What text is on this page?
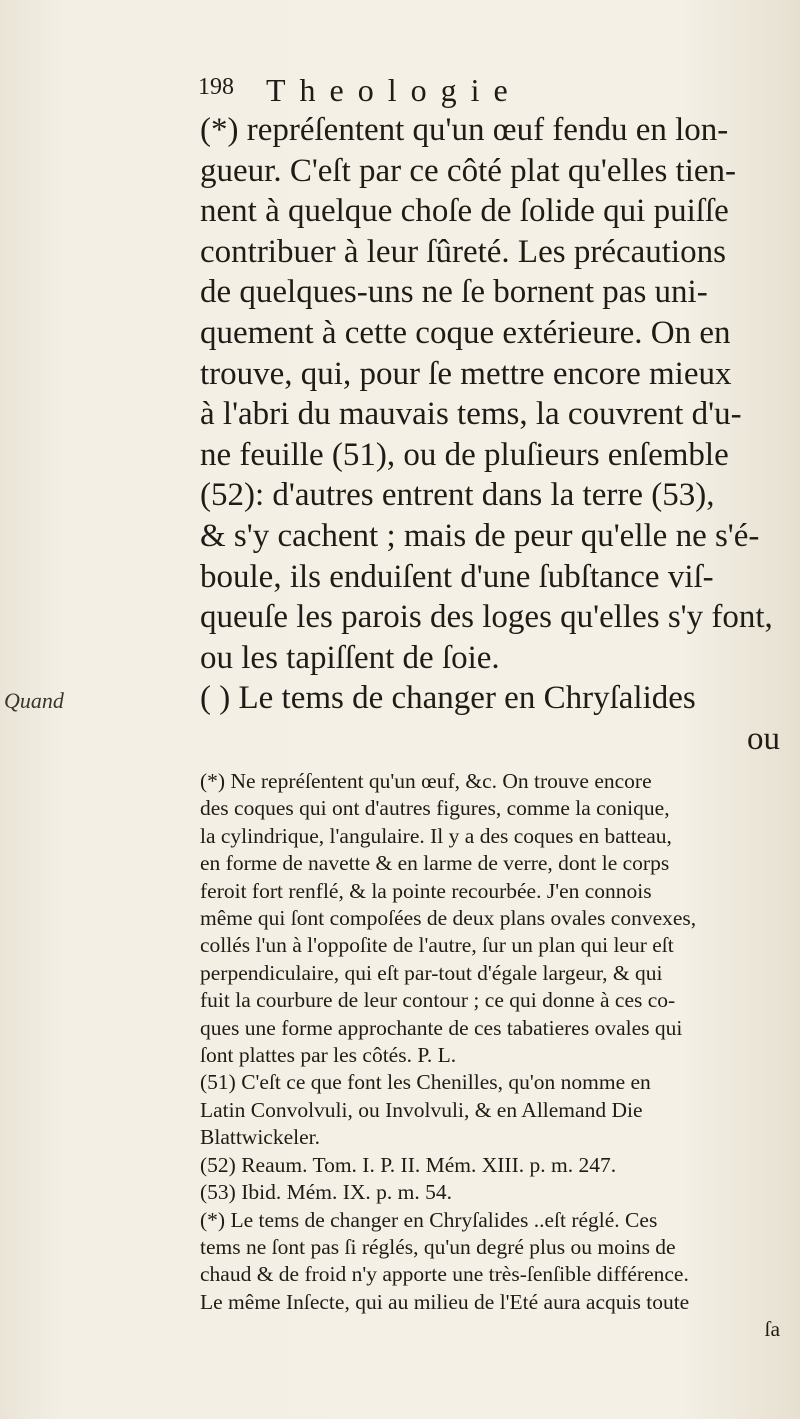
198 Theologie
Quand
(*) repréſentent qu'un œuf fendu en lon-
gueur. C'eſt par ce côté plat qu'elles tien-
nent à quelque choſe de ſolide qui puiſſe
contribuer à leur ſûreté. Les précautions
de quelques-uns ne ſe bornent pas uni-
quement à cette coque extérieure. On en
trouve, qui, pour ſe mettre encore mieux
à l'abri du mauvais tems, la couvrent d'u-
ne feuille (51), ou de pluſieurs enſemble
(52): d'autres entrent dans la terre (53),
& s'y cachent ; mais de peur qu'elle ne s'é-
boule, ils enduiſent d'une ſubſtance viſ-
queuſe les parois des loges qu'elles s'y font,
ou les tapiſſent de ſoie.
( ) Le tems de changer en Chryſalides
ou
(*) Ne repréſentent qu'un œuf, &c. On trouve encore
des coques qui ont d'autres figures, comme la conique,
la cylindrique, l'angulaire. Il y a des coques en batteau,
en forme de navette & en larme de verre, dont le corps
feroit fort renflé, & la pointe recourbée. J'en connois
même qui ſont compoſées de deux plans ovales convexes,
collés l'un à l'oppoſite de l'autre, ſur un plan qui leur eſt
perpendiculaire, qui eſt par-tout d'égale largeur, & qui
fuit la courbure de leur contour ; ce qui donne à ces co-
ques une forme approchante de ces tabatieres ovales qui
ſont plattes par les côtés. P. L.
(51) C'eſt ce que font les Chenilles, qu'on nomme en
Latin Convolvuli, ou Involvuli, & en Allemand Die
Blattwickeler.
(52) Reaum. Tom. I. P. II. Mém. XIII. p. m. 247.
(53) Ibid. Mém. IX. p. m. 54.
(*) Le tems de changer en Chryſalides ..eſt réglé. Ces
tems ne ſont pas ſi réglés, qu'un degré plus ou moins de
chaud & de froid n'y apporte une très-ſenſible différence.
Le même Inſecte, qui au milieu de l'Eté aura acquis toute
ſa
